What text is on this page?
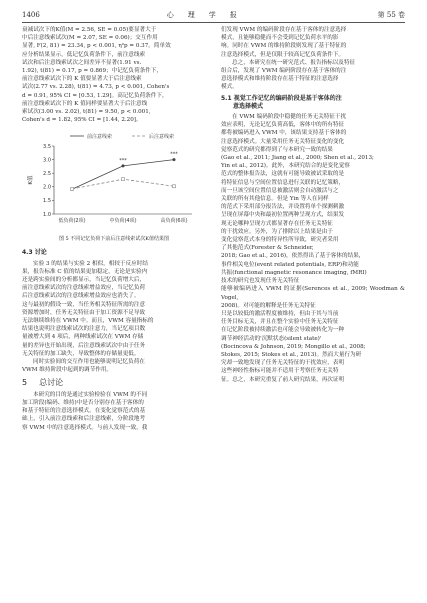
1406	心理学报	第 55 卷

衰减试次下的K值(M = 2.56, SE = 0.05)要显著大于

中后注意线索试次(M = 2.07, SE = 0.06)；交互作用

显著, F(2, 81) = 23.34, p < 0.001, η²p = 0.37。简单效

应分析结果显示，低记忆负荷条件下，前注意线索

试次和后注意线索试次之间差异不显著(1.91 vs.

1.92), t(81) = 0.17, p = 0.869；中记忆负荷条件下，

前注意线索试次下的 K 值要显著大于后注意线索

试次(2.77 vs. 2.28), t(81) = 4.73, p < 0.001, Cohen's

d = 0.91, 95% CI = [0.53, 1.29]。高记忆负荷条件下，

前注意线索试次下的 K 值同样要显著大于后注意线

索试次(3.00 vs. 2.02), t(81) = 9.50, p < 0.001,

Cohen's d = 1.82, 95% CI = [1.44, 2.20]。

1.0
1.5
2.0
2.5
3.0
3.5
K值
低负荷(2项)	中负荷(4项)	高负荷(6项)
前注意线索	后注意线索
***
***
图 5 不同记忆负荷下前后注意线索试次K值结果图
4.3 讨论

实验 3 的结果与实验 2 相似，相较于反应时结

果，报告标准 C 值的结果更加稳定，无论是实验内

还是跨实验间的分析都显示，当记忆负荷增大后，

前注意线索试次的注意线索增益效应，当记忆负荷

后注意线索试次的注意线索增益效应也消失了。

这与最初的假设一致，当任务相关特征所需的注意

资源增加时，任务无关特征由于加工资源不足导致

无法继续维持在 VWM 中。而且，VWM 容量指标的

结果也说明注意线索试次的注意力，当记忆项目数

量被增大到 4 项后，两种线索试次在 VWM 存储

量的差异也开始出现，后注意线索试次中由于任务

无关特征的加工缺失，导致整体的存储量更低。

同时实验间的交互作用也能够说明记忆负荷在

VWM 维持阶段中起到的调节作用。

5 总讨论

本研究的目的是通过实验检验在 VWM 的不同

加工阶段(编码、维持)中是否分别存在基于客体的

和基于特征的注意选择模式。在变化觉察范式的基

础上，引入前注意线索和后注意线索，分阶段地考

察 VWM 中的注意选择模式。与前人发现一致，我

们发现 VWM 的编码阶段存在基于客体的注意选择

模式，且能够稳健而不会受到记忆负荷水平的影

响。同时在 VWM 的维持阶段则发现了基于特征的

注意选择模式，但是仅限于较高记忆负荷条件下。

总之，本研究在统一研究范式、报告指标以及特征

组合后，发现了 VWM 编码阶段存在基于客体的注

意选择模式和维持阶段存在基于特征的注意选择

模式。

5.1 视觉工作记忆的编码阶段是基于客体的注
意选择模式

在 VWM 编码阶段中稳健的任务无关特征干扰

效应表明，无论记忆负荷高低，客体中的所有特征

都将被编码进入 VWM 中，该结果支持基于客体的

注意选择模式。大量采用任务无关特征变化的变化

觉察范式的研究都得到了与本研究一致的结果

(Gao et al., 2011; Jiang et al., 2000; Shen et al., 2013;

Yin et al., 2012)。此外，本研究结合的是变化觉察

范式的整体报告法，这就有可能导致被试采取的是

将特征信息与空间位置信息进行关联的记忆策略，

而一旦该空间位置信息被激活则会自动激活与之

关联的所有其他信息。但是 Yin 等人在同样

的范式下采用部分报告法，并设置将单个探测刺激

呈现在屏幕中央和最初位置两种呈现方式，结果发

现无论哪种呈现方式都显著存在任务无关特征

的干扰效应。另外，为了排除以上结果是由于

变化觉察范式本身的特异性所导致，研究者采用

了其他范式(Forester & Schneider,

2018; Gao et al., 2016)，依然得出了基于客体的结果，

事件相关电位(event related potentials, ERP)和功能

共振(functional magnetic resonance imaging, fMRI)

技术的研究也发现任务无关特征

能够被编码进入 VWM 的证据(Serences et al., 2009; Woodman & Vogel,

2008)。对可能的解释是任务无关特征

只是以较低的激活程度被维持，但由于其与当前

任务目标无关，并且在整个实验中任务无关特征

在记忆阶段被持续激活也可能会导致被转化为一种

调节神经活动的'沉默状态(silent state)'

(Bocincova & Johnson, 2019; Mongillo et al., 2008;

Stokes, 2015; Stokes et al., 2013)。然而大量行为研

究却一致地发现了任务无关特征的干扰效应，表明

这些神经性指标可能并不适用于考察任务无关特

征。总之，本研究重复了前人研究结果，再次证明
